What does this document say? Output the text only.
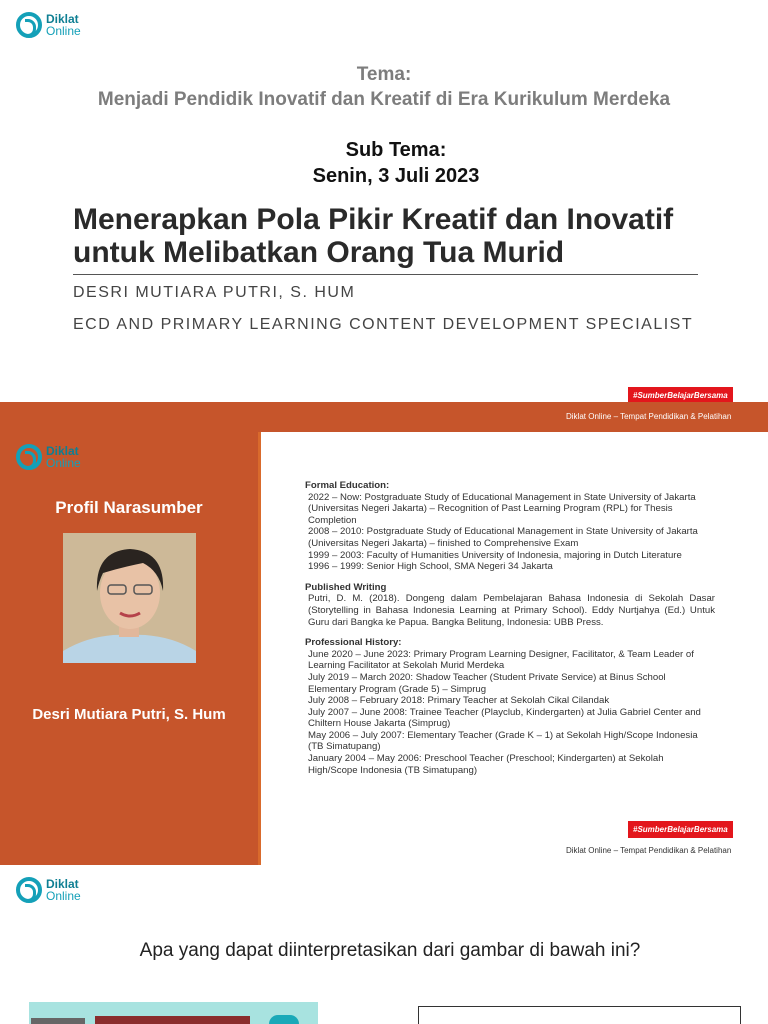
Diklat
Online
Tema:
Menjadi Pendidik Inovatif dan Kreatif di Era Kurikulum Merdeka
Sub Tema:
Senin, 3 Juli 2023
Menerapkan Pola Pikir Kreatif dan Inovatif
untuk Melibatkan Orang Tua Murid
DESRI MUTIARA PUTRI, S. HUM
ECD AND PRIMARY LEARNING CONTENT DEVELOPMENT SPECIALIST
#SumberBelajarBersama
Diklat Online – Tempat Pendidikan & Pelatihan
Diklat
Online
Profil Narasumber
Desri Mutiara Putri, S. Hum
Formal Education:

2022 – Now: Postgraduate Study of Educational Management in State University of Jakarta (Universitas Negeri Jakarta) – Recognition of Past Learning Program (RPL) for Thesis Completion

2008 – 2010: Postgraduate Study of Educational Management in State University of Jakarta (Universitas Negeri Jakarta) – finished to Comprehensive Exam

1999 – 2003: Faculty of Humanities University of Indonesia, majoring in Dutch Literature

1996 – 1999: Senior High School, SMA Negeri 34 Jakarta

Published Writing

Putri, D. M. (2018). Dongeng dalam Pembelajaran Bahasa Indonesia di Sekolah Dasar (Storytelling in Bahasa Indonesia Learning at Primary School). Eddy Nurtjahya (Ed.) Untuk Guru dari Bangka ke Papua. Bangka Belitung, Indonesia: UBB Press.

Professional History:

June 2020 – June 2023: Primary Program Learning Designer, Facilitator, & Team Leader of Learning Facilitator at Sekolah Murid Merdeka

July 2019 – March 2020: Shadow Teacher (Student Private Service) at Binus School Elementary Program (Grade 5) – Simprug

July 2008 – February 2018: Primary Teacher at Sekolah Cikal Cilandak

July 2007 – June 2008: Trainee Teacher (Playclub, Kindergarten) at Julia Gabriel Center and Chiltern House Jakarta (Simprug)

May 2006 – July 2007: Elementary Teacher (Grade K – 1) at Sekolah High/Scope Indonesia (TB Simatupang)

January 2004 – May 2006: Preschool Teacher (Preschool; Kindergarten) at Sekolah High/Scope Indonesia (TB Simatupang)

#SumberBelajarBersama
Diklat Online – Tempat Pendidikan & Pelatihan
Diklat
Online
Apa yang dapat diinterpretasikan dari gambar di bawah ini?
